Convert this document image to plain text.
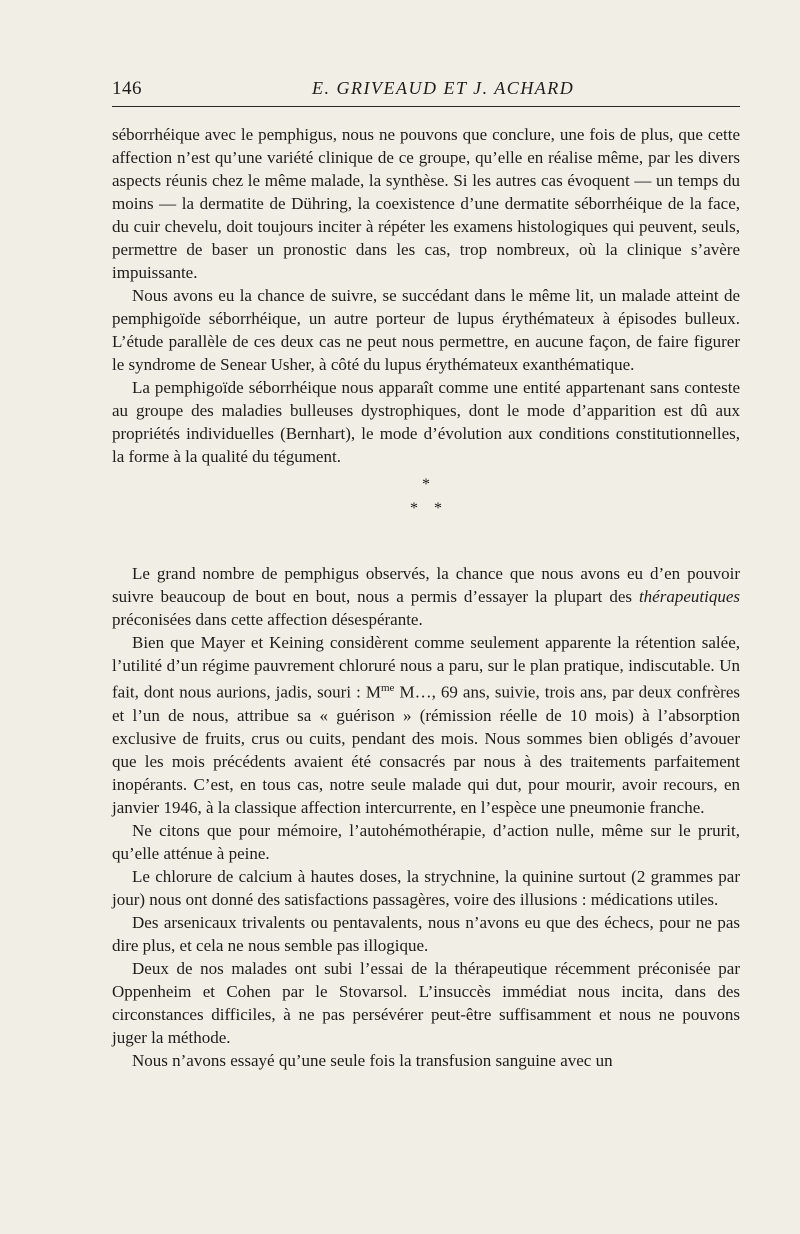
146	E. GRIVEAUD ET J. ACHARD

séborrhéique avec le pemphigus, nous ne pouvons que conclure, une fois de plus, que cette affection n’est qu’une variété clinique de ce groupe, qu’elle en réalise même, par les divers aspects réunis chez le même malade, la synthèse. Si les autres cas évoquent — un temps du moins — la dermatite de Dühring, la coexistence d’une dermatite séborrhéique de la face, du cuir chevelu, doit toujours inciter à répéter les examens histologiques qui peuvent, seuls, permettre de baser un pronostic dans les cas, trop nombreux, où la clinique s’avère impuissante.

Nous avons eu la chance de suivre, se succédant dans le même lit, un malade atteint de pemphigoïde séborrhéique, un autre porteur de lupus érythémateux à épisodes bulleux. L’étude parallèle de ces deux cas ne peut nous permettre, en aucune façon, de faire figurer le syndrome de Senear Usher, à côté du lupus érythémateux exanthématique.

La pemphigoïde séborrhéique nous apparaît comme une entité appartenant sans conteste au groupe des maladies bulleuses dystrophiques, dont le mode d’apparition est dû aux propriétés individuelles (Bernhart), le mode d’évolution aux conditions constitutionnelles, la forme à la qualité du tégument.

*
* *

Le grand nombre de pemphigus observés, la chance que nous avons eu d’en pouvoir suivre beaucoup de bout en bout, nous a permis d’essayer la plupart des thérapeutiques préconisées dans cette affection désespérante.

Bien que Mayer et Keining considèrent comme seulement apparente la rétention salée, l’utilité d’un régime pauvrement chloruré nous a paru, sur le plan pratique, indiscutable. Un fait, dont nous aurions, jadis, souri : $M^{me}$ M…, 69 ans, suivie, trois ans, par deux confrères et l’un de nous, attribue sa « guérison » (rémission réelle de 10 mois) à l’absorption exclusive de fruits, crus ou cuits, pendant des mois. Nous sommes bien obligés d’avouer que les mois précédents avaient été consacrés par nous à des traitements parfaitement inopérants. C’est, en tous cas, notre seule malade qui dut, pour mourir, avoir recours, en janvier 1946, à la classique affection intercurrente, en l’espèce une pneumonie franche.

Ne citons que pour mémoire, l’autohémothérapie, d’action nulle, même sur le prurit, qu’elle atténue à peine.

Le chlorure de calcium à hautes doses, la strychnine, la quinine surtout (2 grammes par jour) nous ont donné des satisfactions passagères, voire des illusions : médications utiles.

Des arsenicaux trivalents ou pentavalents, nous n’avons eu que des échecs, pour ne pas dire plus, et cela ne nous semble pas illogique.

Deux de nos malades ont subi l’essai de la thérapeutique récemment préconisée par Oppenheim et Cohen par le Stovarsol. L’insuccès immédiat nous incita, dans des circonstances difficiles, à ne pas persévérer peut-être suffisamment et nous ne pouvons juger la méthode.

Nous n’avons essayé qu’une seule fois la transfusion sanguine avec un
